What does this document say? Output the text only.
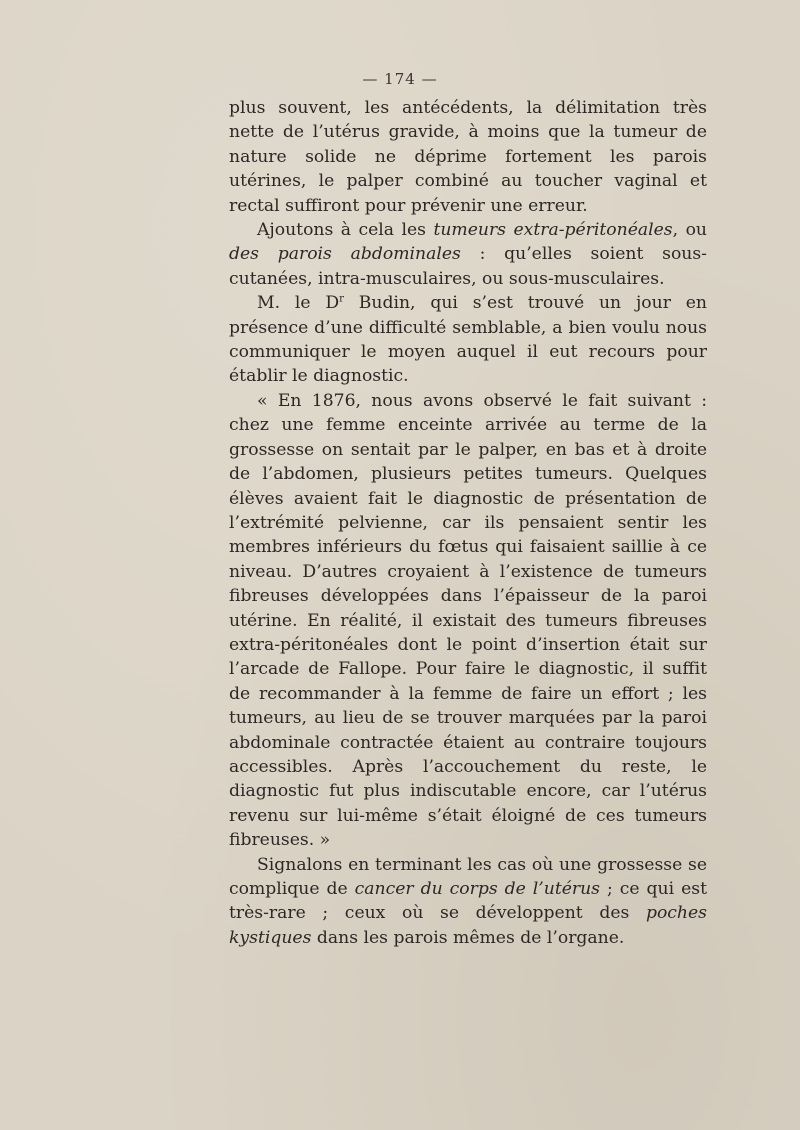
— 174 —

plus souvent, les antécédents, la délimitation très nette de l’utérus gravide, à moins que la tumeur de nature solide ne déprime fortement les parois utérines, le palper combiné au toucher vaginal et rectal suffiront pour prévenir une erreur.

Ajoutons à cela les tumeurs extra-péritonéales, ou des parois abdominales : qu’elles soient sous-cutanées, intra-musculaires, ou sous-musculaires.

M. le $D^r$ Budin, qui s’est trouvé un jour en présence d’une difficulté semblable, a bien voulu nous communiquer le moyen auquel il eut recours pour établir le diagnostic.

« En 1876, nous avons observé le fait suivant : chez une femme enceinte arrivée au terme de la grossesse on sentait par le palper, en bas et à droite de l’abdomen, plusieurs petites tumeurs. Quelques élèves avaient fait le diagnostic de présentation de l’extrémité pelvienne, car ils pensaient sentir les membres inférieurs du fœtus qui faisaient saillie à ce niveau. D’autres croyaient à l’existence de tumeurs fibreuses développées dans l’épaisseur de la paroi utérine. En réalité, il existait des tumeurs fibreuses extra-péritonéales dont le point d’insertion était sur l’arcade de Fallope. Pour faire le diagnostic, il suffit de recommander à la femme de faire un effort ; les tumeurs, au lieu de se trouver marquées par la paroi abdominale contractée étaient au contraire toujours accessibles. Après l’accouchement du reste, le diagnostic fut plus indiscutable encore, car l’utérus revenu sur lui-même s’était éloigné de ces tumeurs fibreuses. »

Signalons en terminant les cas où une grossesse se complique de cancer du corps de l’utérus ; ce qui est très-rare ; ceux où se développent des poches kystiques dans les parois mêmes de l’organe.
